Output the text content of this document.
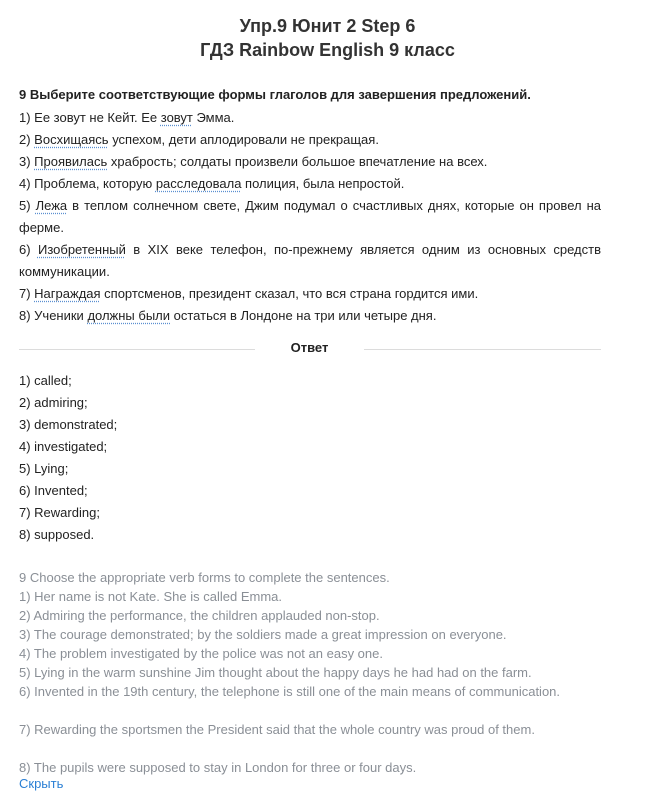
Упр.9 Юнит 2 Step 6
ГДЗ Rainbow English 9 класс
9 Выберите соответствующие формы глаголов для завершения предложений.
1) Ее зовут не Кейт. Ее зовут Эмма.
2) Восхищаясь успехом, дети аплодировали не прекращая.
3) Проявилась храбрость; солдаты произвели большое впечатление на всех.
4) Проблема, которую расследовала полиция, была непростой.
5) Лежа в теплом солнечном свете, Джим подумал о счастливых днях, которые он провел на ферме.
6) Изобретенный в XIX веке телефон, по-прежнему является одним из основных средств коммуникации.
7) Награждая спортсменов, президент сказал, что вся страна гордится ими.
8) Ученики должны были остаться в Лондоне на три или четыре дня.
Ответ
1) called;
2) admiring;
3) demonstrated;
4) investigated;
5) Lying;
6) Invented;
7) Rewarding;
8) supposed.
9 Choose the appropriate verb forms to complete the sentences.
1) Her name is not Kate. She is called Emma.
2) Admiring the performance, the children applauded non-stop.
3) The courage demonstrated; by the soldiers made a great impression on everyone.
4) The problem investigated by the police was not an easy one.
5) Lying in the warm sunshine Jim thought about the happy days he had had on the farm.
6) Invented in the 19th century, the telephone is still one of the main means of communication.
7) Rewarding the sportsmen the President said that the whole country was proud of them.
8) The pupils were supposed to stay in London for three or four days.
Скрыть
